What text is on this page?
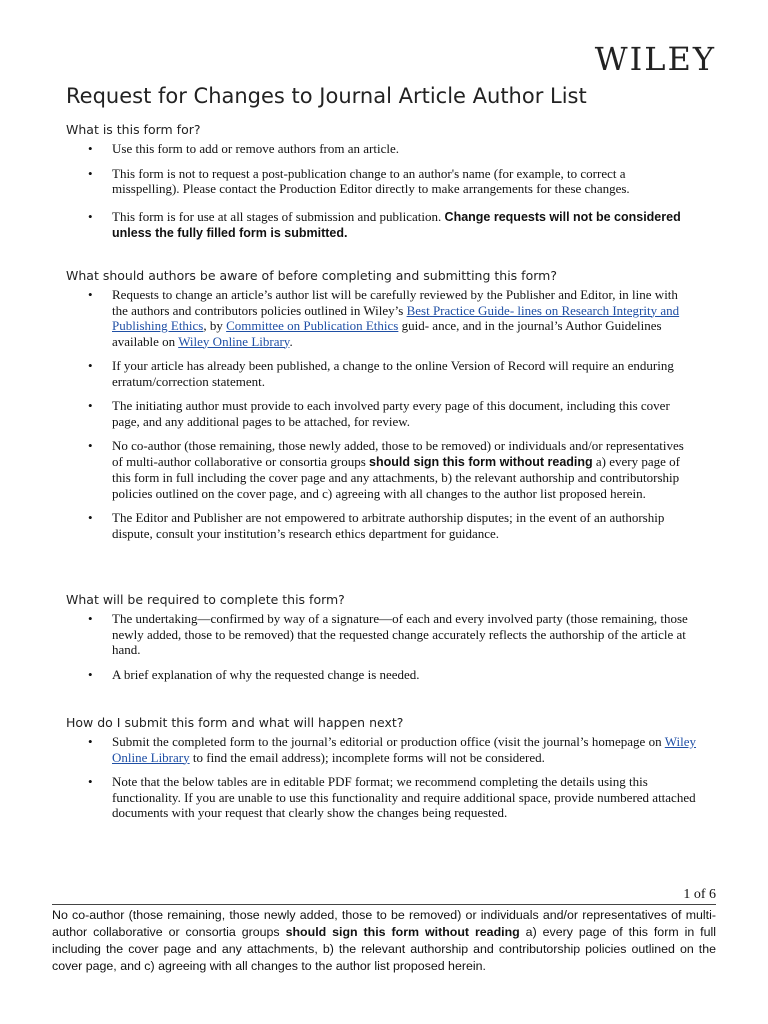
WILEY
Request for Changes to Journal Article Author List
What is this form for?
• Use this form to add or remove authors from an article.
• This form is not to request a post-publication change to an author's name (for example, to correct a misspelling). Please contact the Production Editor directly to make arrangements for these changes.
• This form is for use at all stages of submission and publication. Change requests will not be considered unless the fully filled form is submitted.
What should authors be aware of before completing and submitting this form?
• Requests to change an article’s author list will be carefully reviewed by the Publisher and Editor, in line with the authors and contributors policies outlined in Wiley’s Best Practice Guide- lines on Research Integrity and Publishing Ethics, by Committee on Publication Ethics guid- ance, and in the journal’s Author Guidelines available on Wiley Online Library.
• If your article has already been published, a change to the online Version of Record will require an enduring erratum/correction statement.
• The initiating author must provide to each involved party every page of this document, including this cover page, and any additional pages to be attached, for review.
• No co-author (those remaining, those newly added, those to be removed) or individuals and/or representatives of multi-author collaborative or consortia groups should sign this form without reading a) every page of this form in full including the cover page and any attachments, b) the relevant authorship and contributorship policies outlined on the cover page, and c) agreeing with all changes to the author list proposed herein.
• The Editor and Publisher are not empowered to arbitrate authorship disputes; in the event of an authorship dispute, consult your institution’s research ethics department for guidance.
What will be required to complete this form?
• The undertaking—confirmed by way of a signature—of each and every involved party (those remaining, those newly added, those to be removed) that the requested change accurately reflects the authorship of the article at hand.
• A brief explanation of why the requested change is needed.
How do I submit this form and what will happen next?
• Submit the completed form to the journal’s editorial or production office (visit the journal’s homepage on Wiley Online Library to find the email address); incomplete forms will not be considered.
• Note that the below tables are in editable PDF format; we recommend completing the details using this functionality. If you are unable to use this functionality and require additional space, provide numbered attached documents with your request that clearly show the changes being requested.
1 of 6
No co-author (those remaining, those newly added, those to be removed) or individuals and/or representatives of multi-author collaborative or consortia groups should sign this form without reading a) every page of this form in full including the cover page and any attachments, b) the relevant authorship and contributorship policies outlined on the cover page, and c) agreeing with all changes to the author list proposed herein.
